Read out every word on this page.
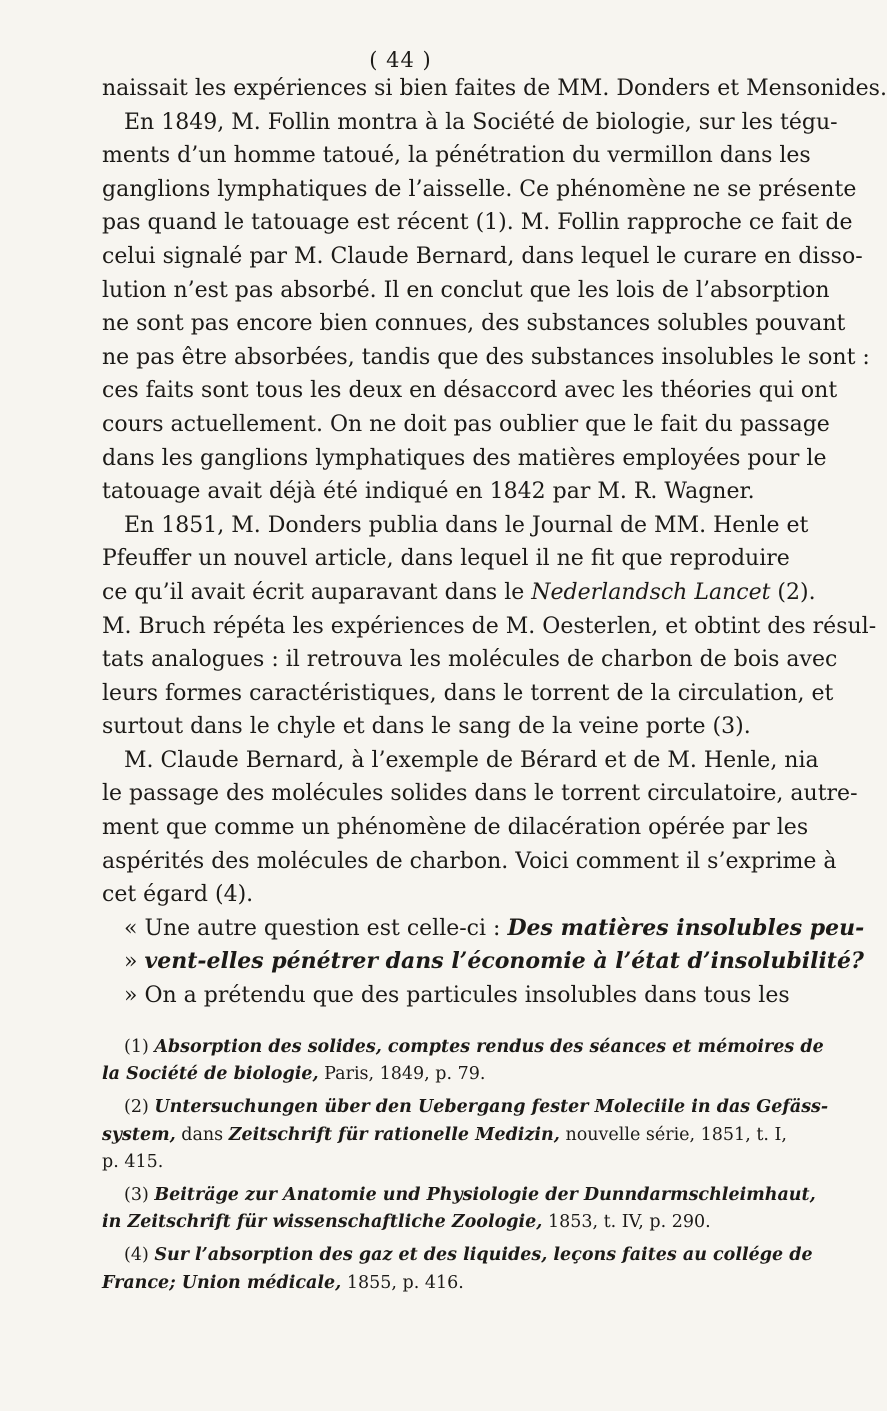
( 44 )
naissait les expériences si bien faites de MM. Donders et Mensonides.
En 1849, M. Follin montra à la Société de biologie, sur les tégu-
ments d’un homme tatoué, la pénétration du vermillon dans les
ganglions lymphatiques de l’aisselle. Ce phénomène ne se présente
pas quand le tatouage est récent (1). M. Follin rapproche ce fait de
celui signalé par M. Claude Bernard, dans lequel le curare en disso-
lution n’est pas absorbé. Il en conclut que les lois de l’absorption
ne sont pas encore bien connues, des substances solubles pouvant
ne pas être absorbées, tandis que des substances insolubles le sont :
ces faits sont tous les deux en désaccord avec les théories qui ont
cours actuellement. On ne doit pas oublier que le fait du passage
dans les ganglions lymphatiques des matières employées pour le
tatouage avait déjà été indiqué en 1842 par M. R. Wagner.
En 1851, M. Donders publia dans le Journal de MM. Henle et
Pfeuffer un nouvel article, dans lequel il ne fit que reproduire
ce qu’il avait écrit auparavant dans le Nederlandsch Lancet (2).
M. Bruch répéta les expériences de M. Oesterlen, et obtint des résul-
tats analogues : il retrouva les molécules de charbon de bois avec
leurs formes caractéristiques, dans le torrent de la circulation, et
surtout dans le chyle et dans le sang de la veine porte (3).
M. Claude Bernard, à l’exemple de Bérard et de M. Henle, nia
le passage des molécules solides dans le torrent circulatoire, autre-
ment que comme un phénomène de dilacération opérée par les
aspérités des molécules de charbon. Voici comment il s’exprime à
cet égard (4).
« Une autre question est celle-ci : Des matières insolubles peu-
» vent-elles pénétrer dans l’économie à l’état d’insolubilité?
» On a prétendu que des particules insolubles dans tous les
(1) Absorption des solides, comptes rendus des séances et mémoires de
la Société de biologie, Paris, 1849, p. 79.
(2) Untersuchungen über den Uebergang fester Moleciile in das Gefäss-
system, dans Zeitschrift für rationelle Medizin, nouvelle série, 1851, t. I,
p. 415.
(3) Beiträge zur Anatomie und Physiologie der Dunndarmschleimhaut,
in Zeitschrift für wissenschaftliche Zoologie, 1853, t. IV, p. 290.
(4) Sur l’absorption des gaz et des liquides, leçons faites au collége de
France; Union médicale, 1855, p. 416.
